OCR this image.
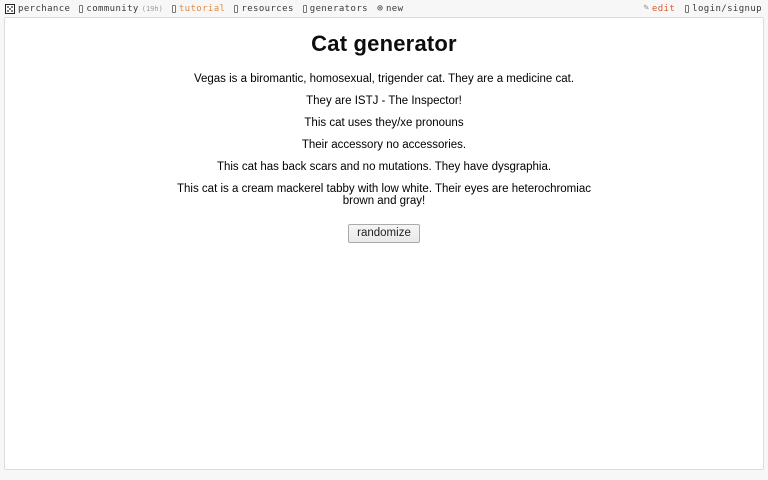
perchance community (19h) tutorial resources generators ⊕ new	✎ edit login/signup
Cat generator

Vegas is a biromantic, homosexual, trigender cat. They are a medicine cat.

They are ISTJ - The Inspector!

This cat uses they/xe pronouns

Their accessory no accessories.

This cat has back scars and no mutations. They have dysgraphia.

This cat is a cream mackerel tabby with low white. Their eyes are heterochromiac brown and gray!

randomize
